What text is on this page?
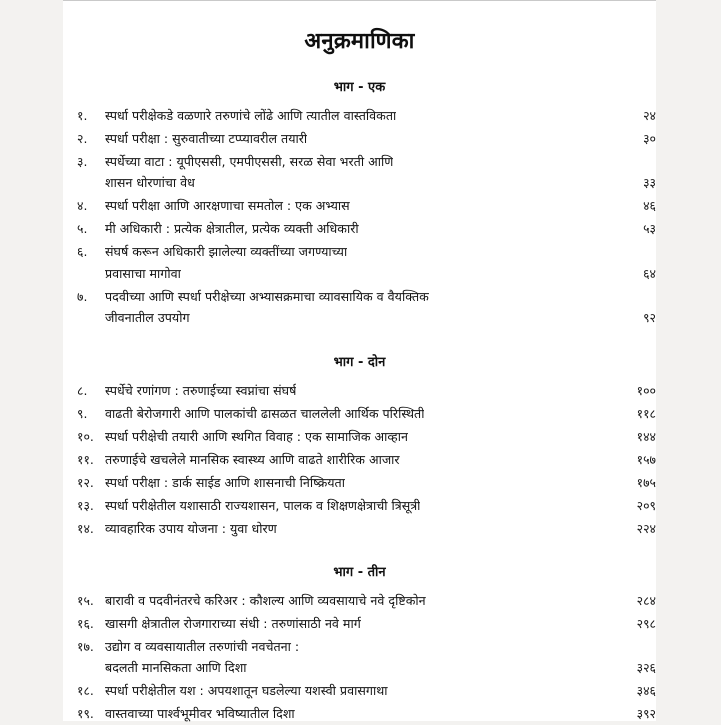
अनुक्रमाणिका
भाग - एक
१.	स्पर्धा परीक्षेकडे वळणारे तरुणांचे लोंढे आणि त्यातील वास्तविकता	२४
२.	स्पर्धा परीक्षा : सुरुवातीच्या टप्प्यावरील तयारी	३०
३.	स्पर्धेच्या वाटा : यूपीएससी, एमपीएससी, सरळ सेवा भरती आणि
शासन धोरणांचा वेध	३३
४.	स्पर्धा परीक्षा आणि आरक्षणाचा समतोल : एक अभ्यास	४६
५.	मी अधिकारी : प्रत्येक क्षेत्रातील, प्रत्येक व्यक्ती अधिकारी	५३
६.	संघर्ष करून अधिकारी झालेल्या व्यक्तींच्या जगण्याच्या
प्रवासाचा मागोवा	६४
७.	पदवीच्या आणि स्पर्धा परीक्षेच्या अभ्यासक्रमाचा व्यावसायिक व वैयक्तिक
जीवनातील उपयोग	९२
भाग - दोन
८.	स्पर्धेचे रणांगण : तरुणाईच्या स्वप्नांचा संघर्ष	१००
९.	वाढती बेरोजगारी आणि पालकांची ढासळत चाललेली आर्थिक परिस्थिती	११८
१०. स्पर्धा परीक्षेची तयारी आणि स्थगित विवाह : एक सामाजिक आव्हान	१४४
११. तरुणाईचे खचलेले मानसिक स्वास्थ्य आणि वाढते शारीरिक आजार	१५७
१२. स्पर्धा परीक्षा : डार्क साईड आणि शासनाची निष्क्रियता	१७५
१३. स्पर्धा परीक्षेतील यशासाठी राज्यशासन, पालक व शिक्षणक्षेत्राची त्रिसूत्री	२०९
१४. व्यावहारिक उपाय योजना : युवा धोरण	२२४
भाग - तीन
१५. बारावी व पदवीनंतरचे करिअर : कौशल्य आणि व्यवसायाचे नवे दृष्टिकोन	२८४
१६. खासगी क्षेत्रातील रोजगाराच्या संधी : तरुणांसाठी नवे मार्ग	२९८
१७. उद्योग व व्यवसायातील तरुणांची नवचेतना :
बदलती मानसिकता आणि दिशा	३२६
१८. स्पर्धा परीक्षेतील यश : अपयशातून घडलेल्या यशस्वी प्रवासगाथा	३४६
१९. वास्तवाच्या पार्श्वभूमीवर भविष्यातील दिशा	३९२
